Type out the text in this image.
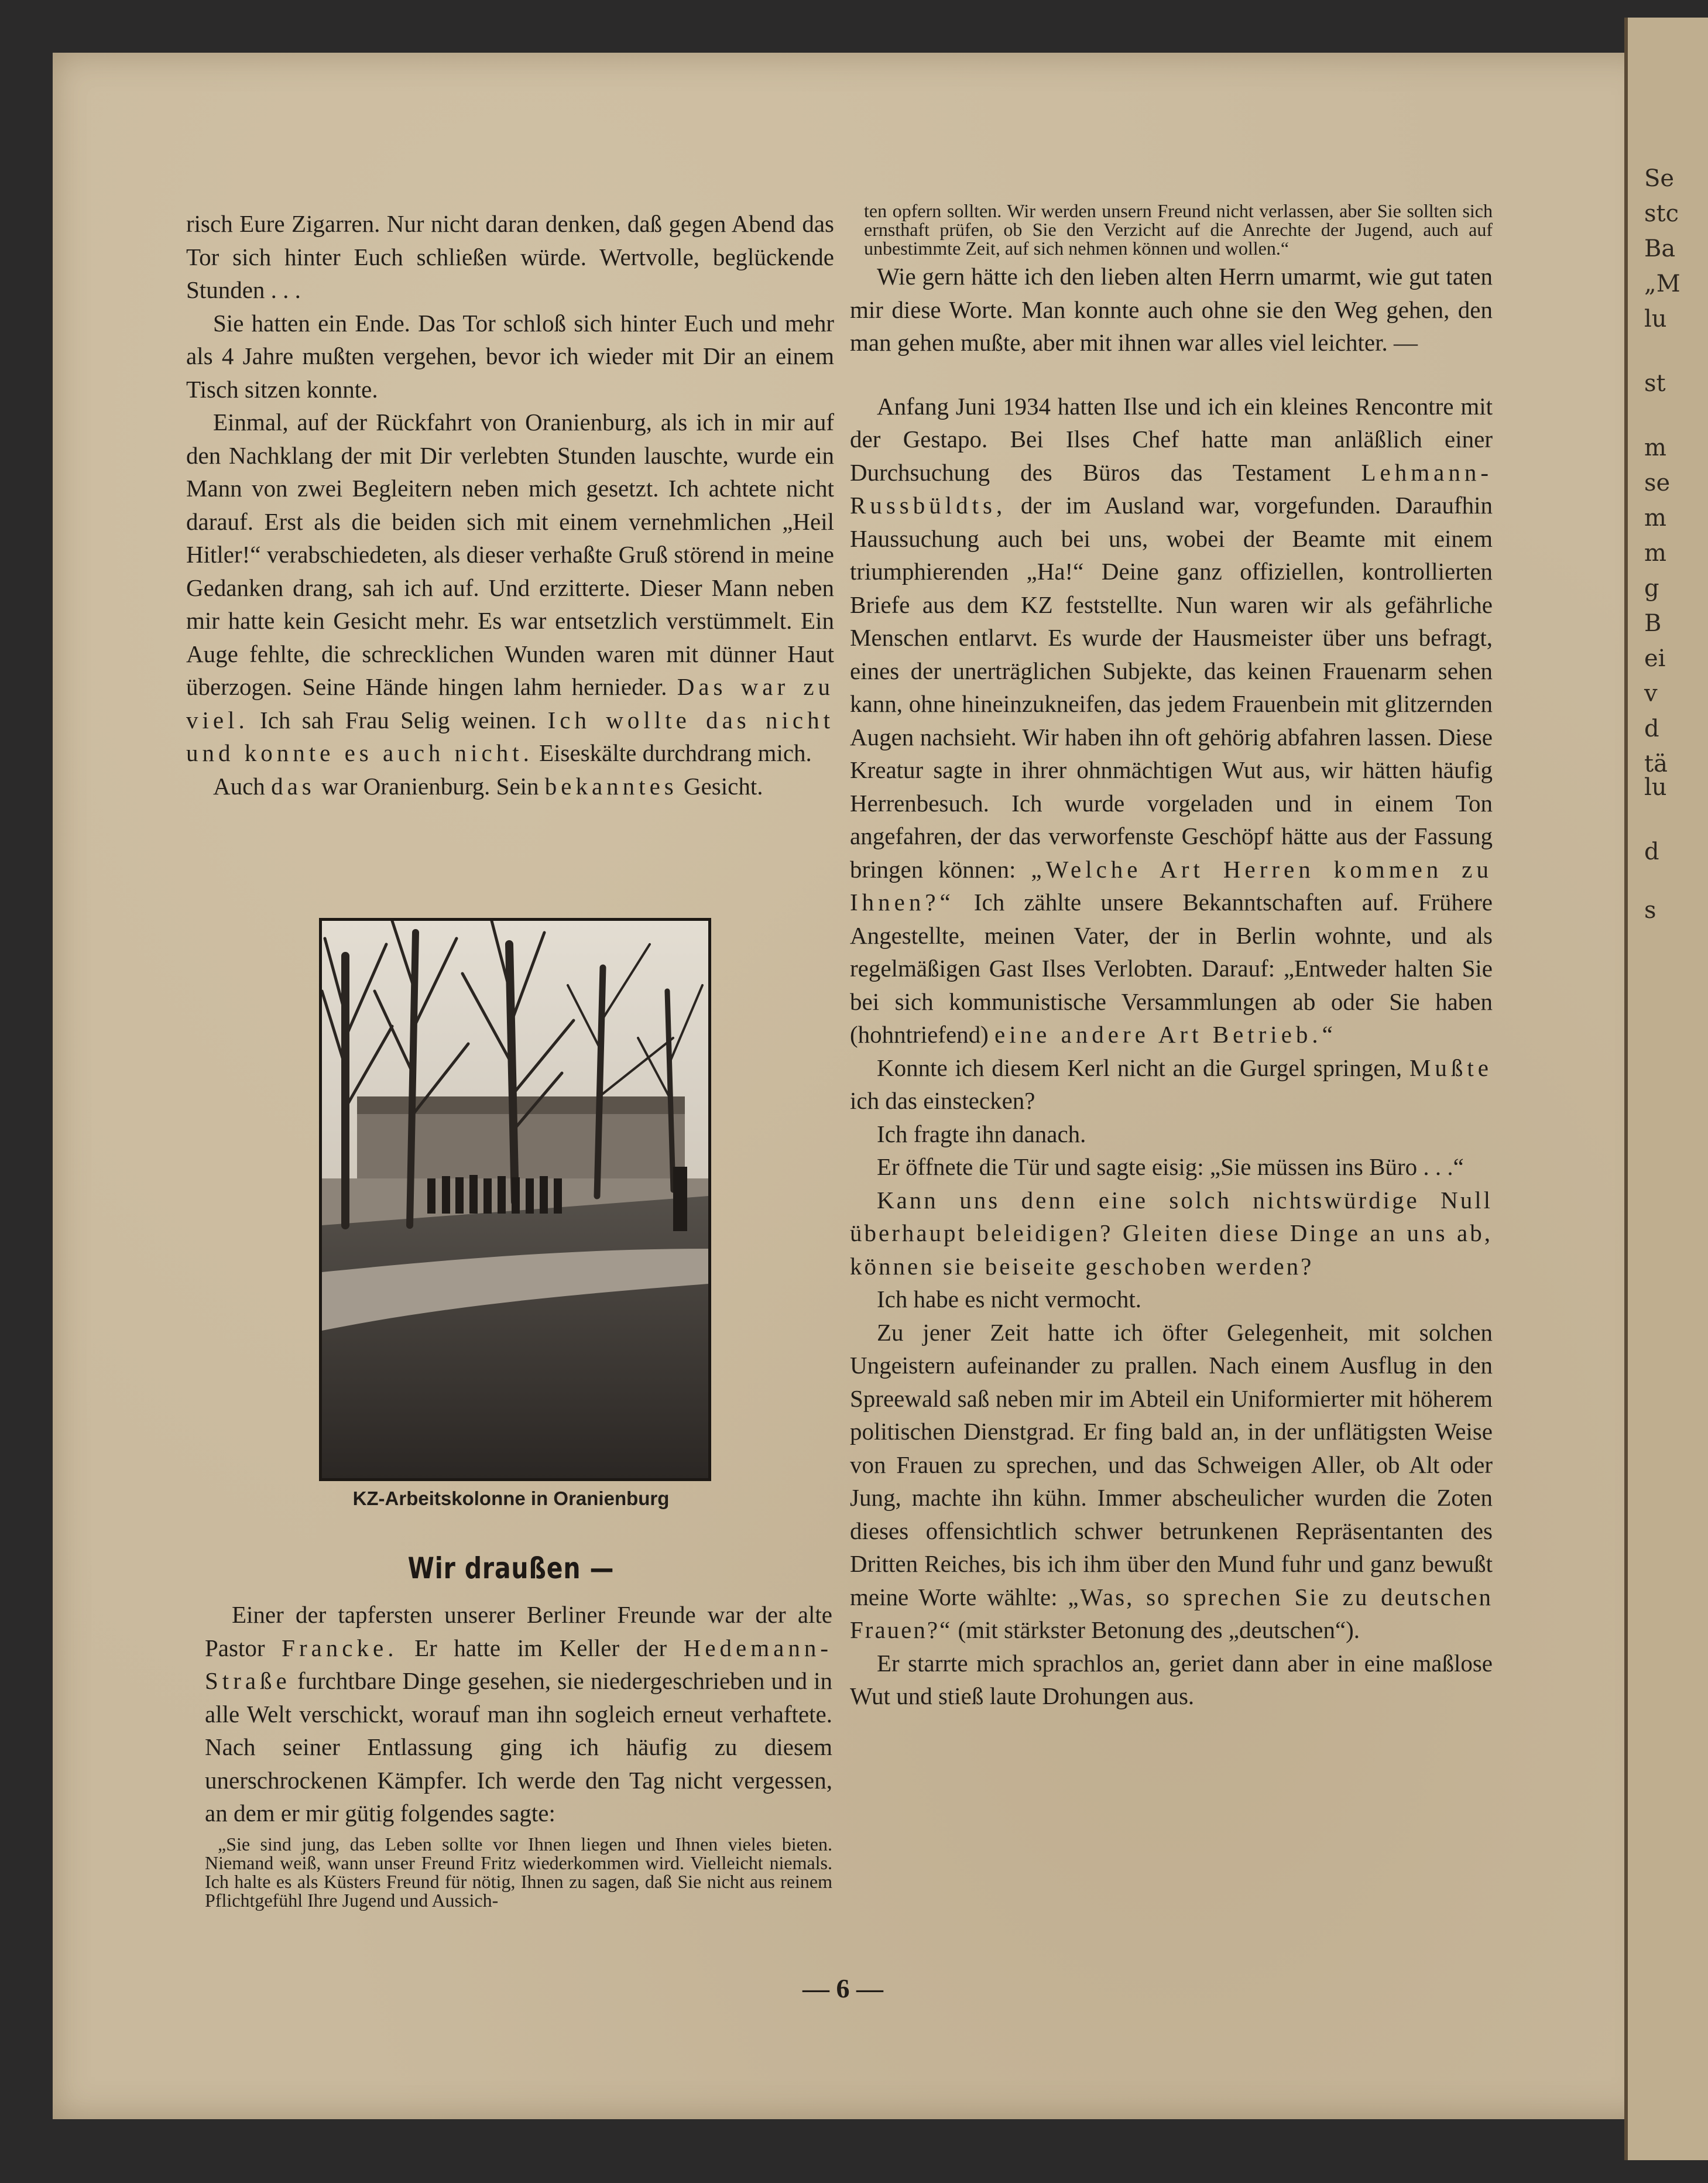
Se
stc
Ba
„M
lu
st
m
se
m
m
g
B
ei
v
d
tä
lu
d
s

risch Eure Zigarren. Nur nicht daran denken, daß gegen Abend das Tor sich hinter Euch schließen würde. Wertvolle, beglückende Stunden . . .

Sie hatten ein Ende. Das Tor schloß sich hinter Euch und mehr als 4 Jahre mußten vergehen, bevor ich wieder mit Dir an einem Tisch sitzen konnte.

Einmal, auf der Rückfahrt von Oranienburg, als ich in mir auf den Nachklang der mit Dir verlebten Stunden lauschte, wurde ein Mann von zwei Begleitern neben mich gesetzt. Ich achtete nicht darauf. Erst als die beiden sich mit einem vernehmlichen „Heil Hitler!“ verabschiedeten, als dieser verhaßte Gruß störend in meine Gedanken drang, sah ich auf. Und erzitterte. Dieser Mann neben mir hatte kein Gesicht mehr. Es war entsetzlich verstümmelt. Ein Auge fehlte, die schrecklichen Wunden waren mit dünner Haut überzogen. Seine Hände hingen lahm hernieder. Das war zu viel. Ich sah Frau Selig weinen. Ich wollte das nicht und konnte es auch nicht. Eiseskälte durchdrang mich.

Auch das war Oranienburg. Sein bekanntes Gesicht.

KZ-Arbeitskolonne in Oranienburg
Wir draußen —

Einer der tapfersten unserer Berliner Freunde war der alte Pastor Francke. Er hatte im Keller der Hedemann-Straße furchtbare Dinge gesehen, sie niedergeschrieben und in alle Welt verschickt, worauf man ihn sogleich erneut verhaftete. Nach seiner Entlassung ging ich häufig zu diesem unerschrockenen Kämpfer. Ich werde den Tag nicht vergessen, an dem er mir gütig folgendes sagte:

„Sie sind jung, das Leben sollte vor Ihnen liegen und Ihnen vieles bieten. Niemand weiß, wann unser Freund Fritz wiederkommen wird. Vielleicht niemals. Ich halte es als Küsters Freund für nötig, Ihnen zu sagen, daß Sie nicht aus reinem Pflichtgefühl Ihre Jugend und Aussich-

ten opfern sollten. Wir werden unsern Freund nicht verlassen, aber Sie sollten sich ernsthaft prüfen, ob Sie den Verzicht auf die Anrechte der Jugend, auch auf unbestimmte Zeit, auf sich nehmen können und wollen.“

Wie gern hätte ich den lieben alten Herrn umarmt, wie gut taten mir diese Worte. Man konnte auch ohne sie den Weg gehen, den man gehen mußte, aber mit ihnen war alles viel leichter. —

Anfang Juni 1934 hatten Ilse und ich ein kleines Rencontre mit der Gestapo. Bei Ilses Chef hatte man anläßlich einer Durchsuchung des Büros das Testament Lehmann-Russbüldts, der im Ausland war, vorgefunden. Daraufhin Haussuchung auch bei uns, wobei der Beamte mit einem triumphierenden „Ha!“ Deine ganz offiziellen, kontrollierten Briefe aus dem KZ feststellte. Nun waren wir als gefährliche Menschen entlarvt. Es wurde der Hausmeister über uns befragt, eines der unerträglichen Subjekte, das keinen Frauenarm sehen kann, ohne hineinzukneifen, das jedem Frauenbein mit glitzernden Augen nachsieht. Wir haben ihn oft gehörig abfahren lassen. Diese Kreatur sagte in ihrer ohnmächtigen Wut aus, wir hätten häufig Herrenbesuch. Ich wurde vorgeladen und in einem Ton angefahren, der das verworfenste Geschöpf hätte aus der Fassung bringen können: „Welche Art Herren kommen zu Ihnen?“ Ich zählte unsere Bekanntschaften auf. Frühere Angestellte, meinen Vater, der in Berlin wohnte, und als regelmäßigen Gast Ilses Verlobten. Darauf: „Entweder halten Sie bei sich kommunistische Versammlungen ab oder Sie haben (hohntriefend) eine andere Art Betrieb.“

Konnte ich diesem Kerl nicht an die Gurgel springen, Mußte ich das einstecken?

Ich fragte ihn danach.

Er öffnete die Tür und sagte eisig: „Sie müssen ins Büro . . .“

Kann uns denn eine solch nichtswürdige Null überhaupt beleidigen? Gleiten diese Dinge an uns ab, können sie beiseite geschoben werden?

Ich habe es nicht vermocht.

Zu jener Zeit hatte ich öfter Gelegenheit, mit solchen Ungeistern aufeinander zu prallen. Nach einem Ausflug in den Spreewald saß neben mir im Abteil ein Uniformierter mit höherem politischen Dienstgrad. Er fing bald an, in der unflätigsten Weise von Frauen zu sprechen, und das Schweigen Aller, ob Alt oder Jung, machte ihn kühn. Immer abscheulicher wurden die Zoten dieses offensichtlich schwer betrunkenen Repräsentanten des Dritten Reiches, bis ich ihm über den Mund fuhr und ganz bewußt meine Worte wählte: „Was, so sprechen Sie zu deutschen Frauen?“ (mit stärkster Betonung des „deutschen“).

Er starrte mich sprachlos an, geriet dann aber in eine maßlose Wut und stieß laute Drohungen aus.

— 6 —
